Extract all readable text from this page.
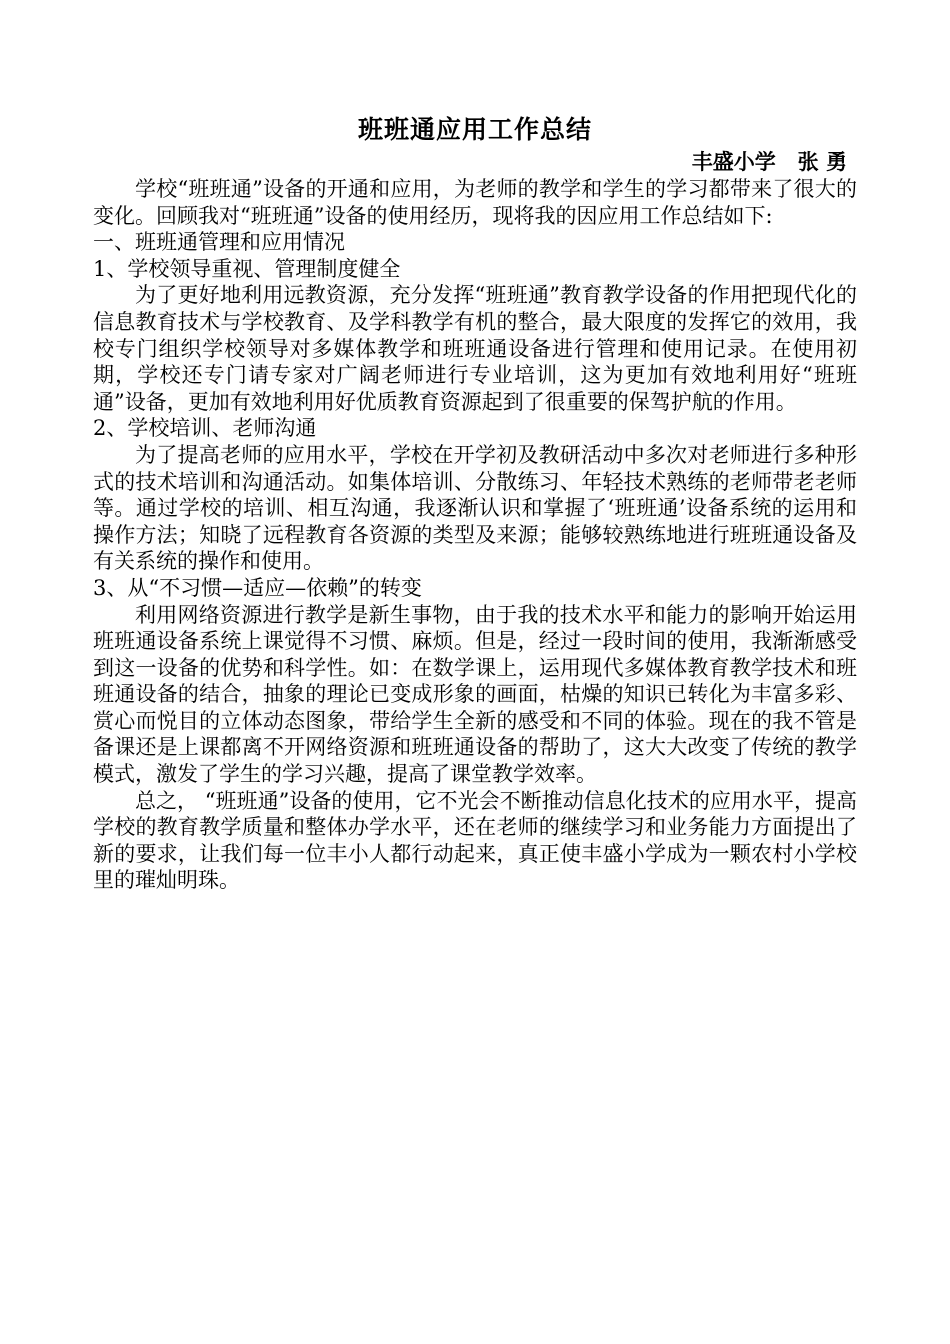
班班通应用工作总结
丰盛小学   张 勇

学校“班班通”设备的开通和应用，为老师的教学和学生的学习都带来了很大的变化。回顾我对“班班通”设备的使用经历，现将我的因应用工作总结如下:

一、班班通管理和应用情况

1、学校领导重视、管理制度健全

为了更好地利用远教资源，充分发挥“班班通”教育教学设备的作用把现代化的信息教育技术与学校教育、及学科教学有机的整合，最大限度的发挥它的效用，我校专门组织学校领导对多媒体教学和班班通设备进行管理和使用记录。在使用初期，学校还专门请专家对广阔老师进行专业培训，这为更加有效地利用好“班班通”设备，更加有效地利用好优质教育资源起到了很重要的保驾护航的作用。

2、学校培训、老师沟通

为了提高老师的应用水平，学校在开学初及教研活动中多次对老师进行多种形式的技术培训和沟通活动。如集体培训、分散练习、年轻技术熟练的老师带老老师等。通过学校的培训、相互沟通，我逐渐认识和掌握了‘班班通’设备系统的运用和操作方法；知晓了远程教育各资源的类型及来源；能够较熟练地进行班班通设备及有关系统的操作和使用。

3、从“不习惯—适应—依赖”的转变

利用网络资源进行教学是新生事物，由于我的技术水平和能力的影响开始运用班班通设备系统上课觉得不习惯、麻烦。但是，经过一段时间的使用，我渐渐感受到这一设备的优势和科学性。如：在数学课上，运用现代多媒体教育教学技术和班班通设备的结合，抽象的理论已变成形象的画面，枯燥的知识已转化为丰富多彩、赏心而悦目的立体动态图象，带给学生全新的感受和不同的体验。现在的我不管是备课还是上课都离不开网络资源和班班通设备的帮助了，这大大改变了传统的教学模式，激发了学生的学习兴趣，提高了课堂教学效率。

总之， “班班通”设备的使用，它不光会不断推动信息化技术的应用水平，提高学校的教育教学质量和整体办学水平，还在老师的继续学习和业务能力方面提出了新的要求，让我们每一位丰小人都行动起来，真正使丰盛小学成为一颗农村小学校里的璀灿明珠。
